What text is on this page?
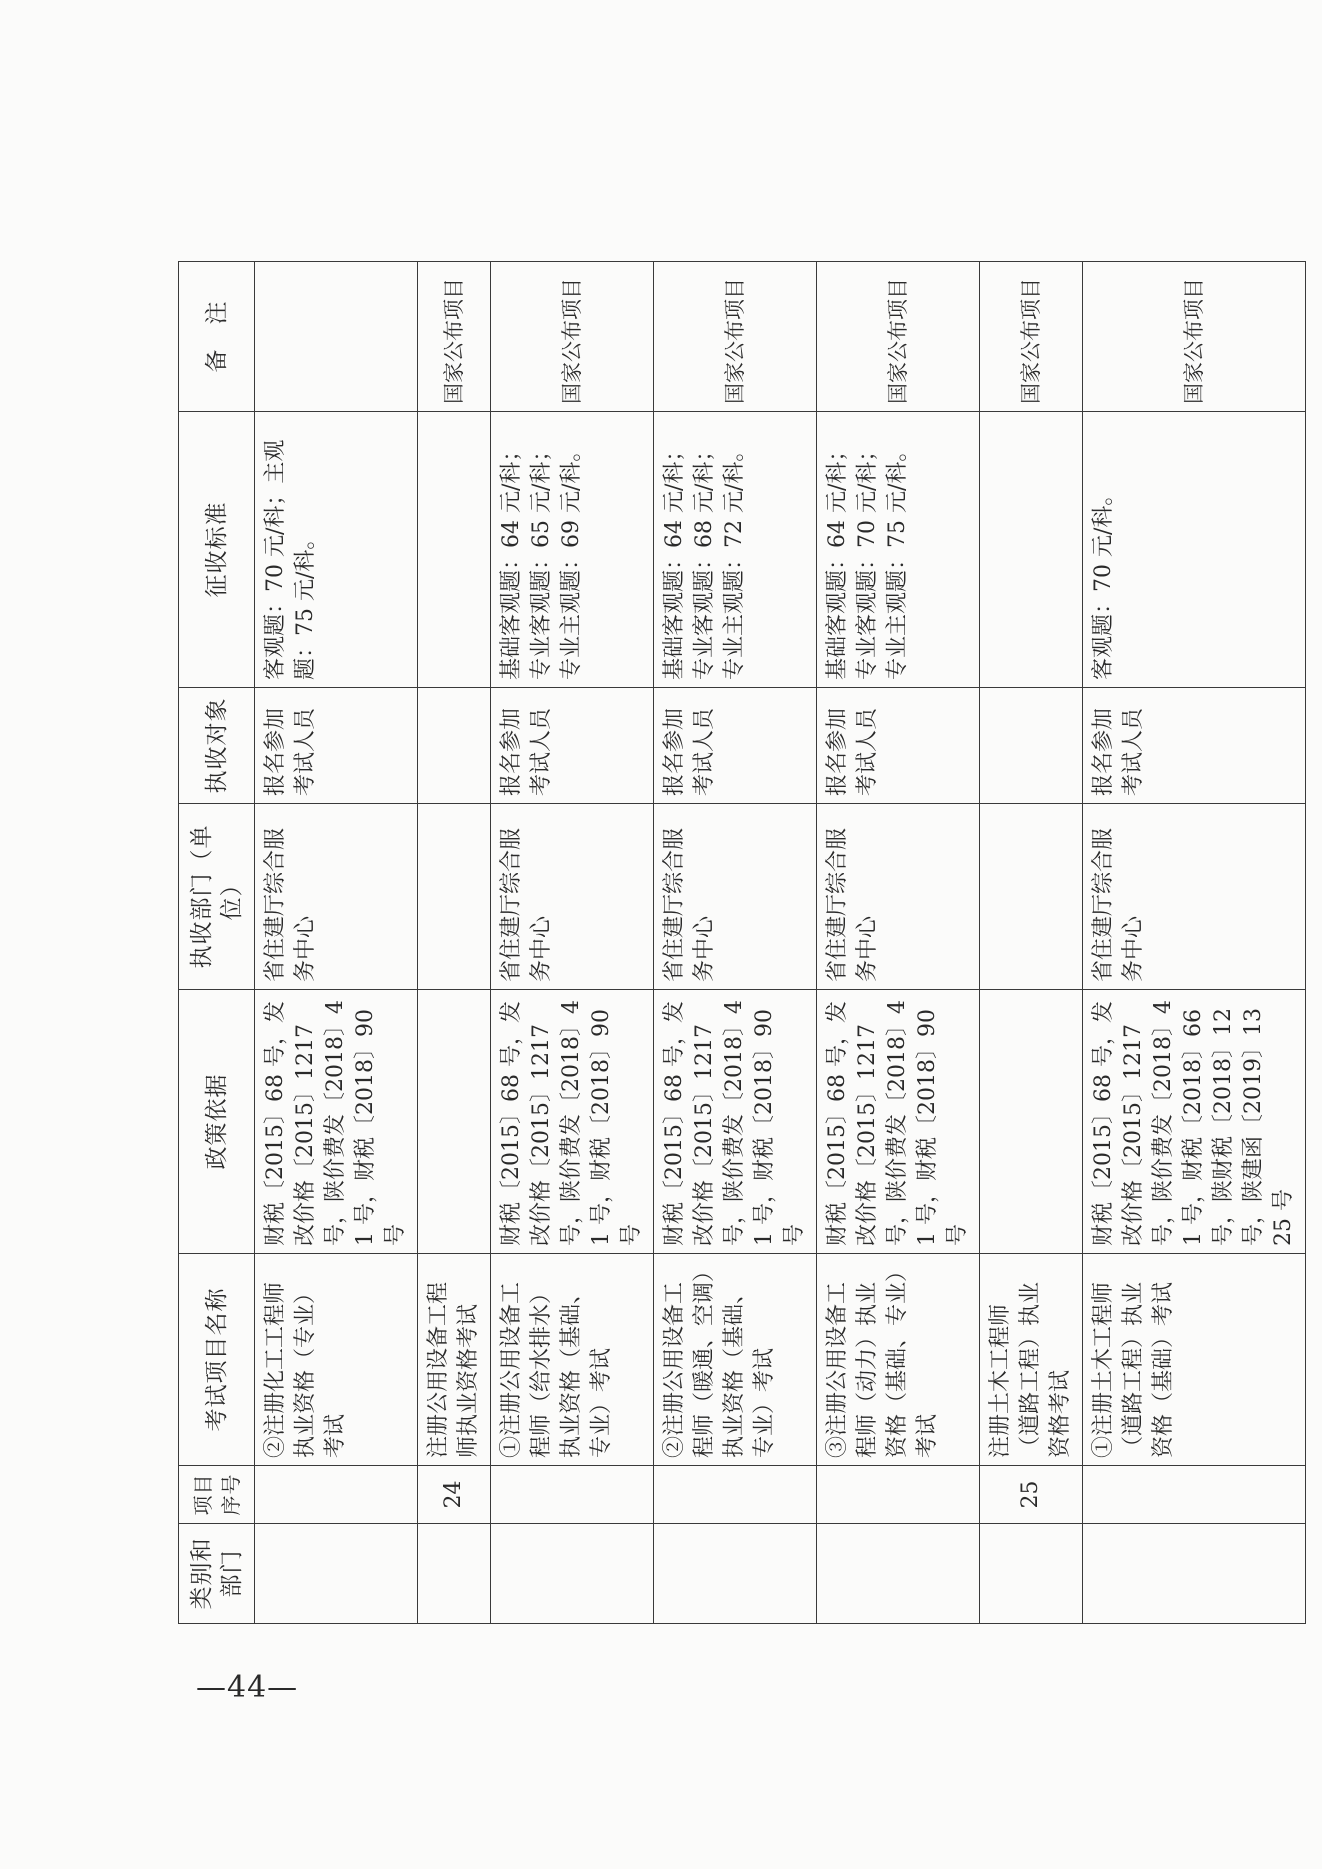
类别和部门	项目序号	考试项目名称	政策依据	执收部门（单位）	执收对象	征收标准	备　注
		②注册化工工程师执业资格（专业）考试	财税〔2015〕68 号，发改价格〔2015〕1217 号，陕价费发〔2018〕41 号，财税〔2018〕90 号	省住建厅综合服务中心	报名参加考试人员	客观题：70 元/科；主观题：75 元/科。	
	24	注册公用设备工程师执业资格考试					国家公布项目
		①注册公用设备工程师（给水排水）执业资格（基础、专业）考试	财税〔2015〕68 号，发改价格〔2015〕1217 号，陕价费发〔2018〕41 号，财税〔2018〕90 号	省住建厅综合服务中心	报名参加考试人员	基础客观题：64 元/科；专业客观题：65 元/科；专业主观题：69 元/科。	国家公布项目
		②注册公用设备工程师（暖通、空调）执业资格（基础、专业）考试	财税〔2015〕68 号，发改价格〔2015〕1217 号，陕价费发〔2018〕41 号，财税〔2018〕90 号	省住建厅综合服务中心	报名参加考试人员	基础客观题：64 元/科；专业客观题：68 元/科；专业主观题：72 元/科。	国家公布项目
		③注册公用设备工程师（动力）执业资格（基础、专业）考试	财税〔2015〕68 号，发改价格〔2015〕1217 号，陕价费发〔2018〕41 号，财税〔2018〕90 号	省住建厅综合服务中心	报名参加考试人员	基础客观题：64 元/科；专业客观题：70 元/科；专业主观题：75 元/科。	国家公布项目
	25	注册土木工程师（道路工程）执业资格考试					国家公布项目
		①注册土木工程师（道路工程）执业资格（基础）考试	财税〔2015〕68 号，发改价格〔2015〕1217 号，陕价费发〔2018〕41 号，财税〔2018〕66 号，陕财税〔2018〕12 号，陕建函〔2019〕1325 号	省住建厅综合服务中心	报名参加考试人员	客观题：70 元/科。	国家公布项目
—44—
